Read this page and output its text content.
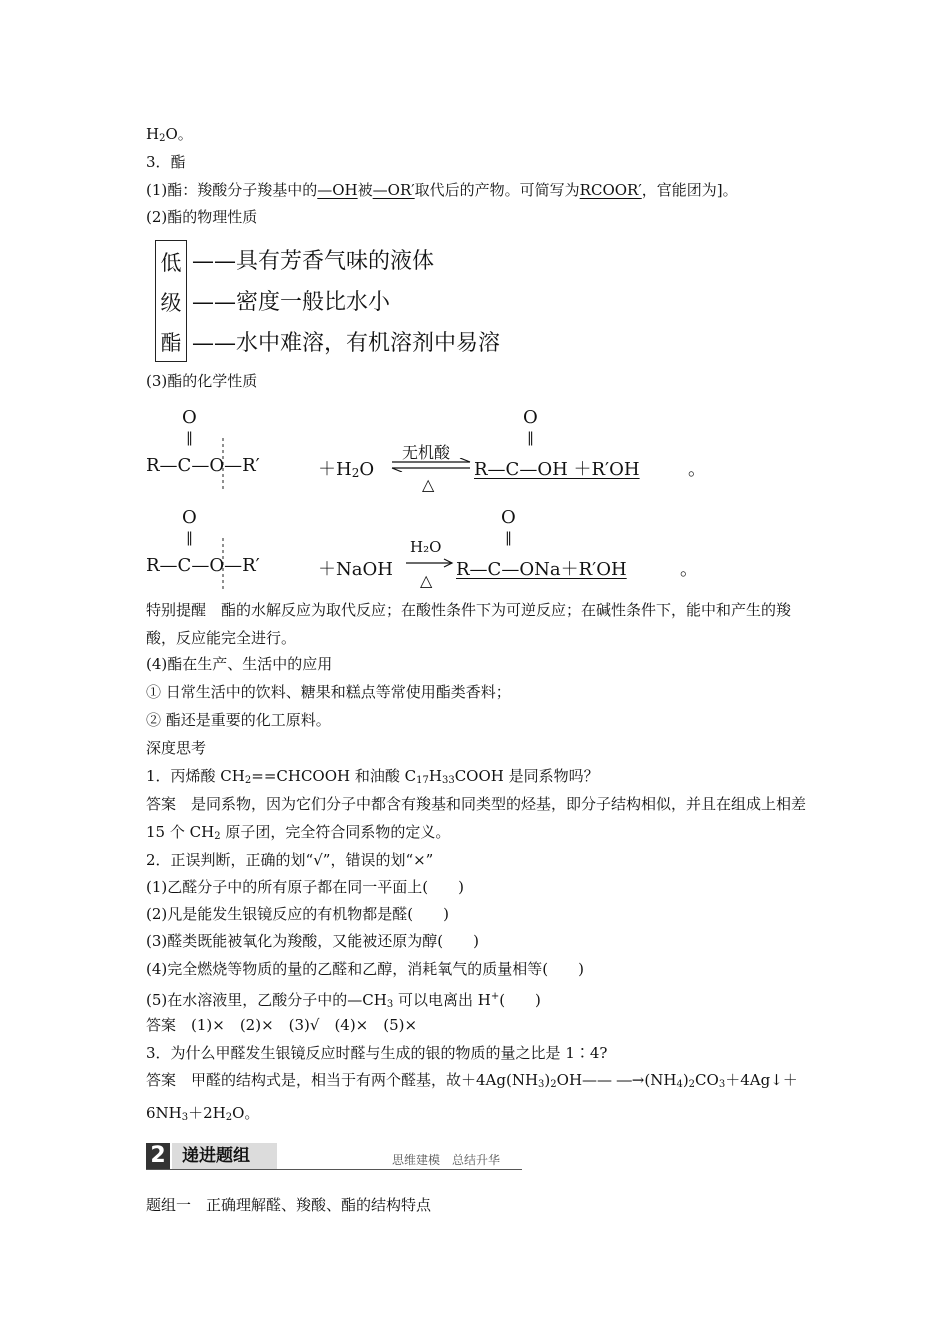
$H_2O$。
3．酯
(1)酯：羧酸分子羧基中的—OH被—OR′取代后的产物。可简写为RCOOR′，官能团为]。
(2)酯的物理性质
低
级
酯
——具有芳香气味的液体
——密度一般比水小
——水中难溶，有机溶剂中易溶
(3)酯的化学性质
O
‖
R—C—O—R′	＋H2O
无机酸
△
O
‖
R—C—OH ＋R′OH	。
O
‖
R—C—O—R′	＋NaOH
H₂O
△
O
‖
R—C—ONa＋R′OH	。
特别提醒　酯的水解反应为取代反应；在酸性条件下为可逆反应；在碱性条件下，能中和产生的羧酸，反应能完全进行。
(4)酯在生产、生活中的应用
① 日常生活中的饮料、糖果和糕点等常使用酯类香料；
② 酯还是重要的化工原料。
深度思考
1．丙烯酸 $CH_2==CHCOOH$ 和油酸 $C_{17}H_{33}COOH$ 是同系物吗？
答案　是同系物，因为它们分子中都含有羧基和同类型的烃基，即分子结构相似，并且在组成上相差 15 个 $CH_2$ 原子团，完全符合同系物的定义。
2．正误判断，正确的划“√”，错误的划“×”
(1)乙醛分子中的所有原子都在同一平面上(　　)
(2)凡是能发生银镜反应的有机物都是醛(　　)
(3)醛类既能被氧化为羧酸，又能被还原为醇(　　)
(4)完全燃烧等物质的量的乙醛和乙醇，消耗氧气的质量相等(　　)
(5)在水溶液里，乙酸分子中的$—CH_3$ 可以电离出 H+(　　)
答案　(1)×　(2)×　(3)√　(4)×　(5)×
3．为什么甲醛发生银镜反应时醛与生成的银的物质的量之比是 1∶4?
答案　甲醛的结构式是，相当于有两个醛基，故$+4Ag(NH_3)_2OH——$ $―\to(NH_4)_2CO_3+4Ag↓+6NH_3+2H_2O$。
2 递进题组	思维建模　总结升华
题组一　正确理解醛、羧酸、酯的结构特点
